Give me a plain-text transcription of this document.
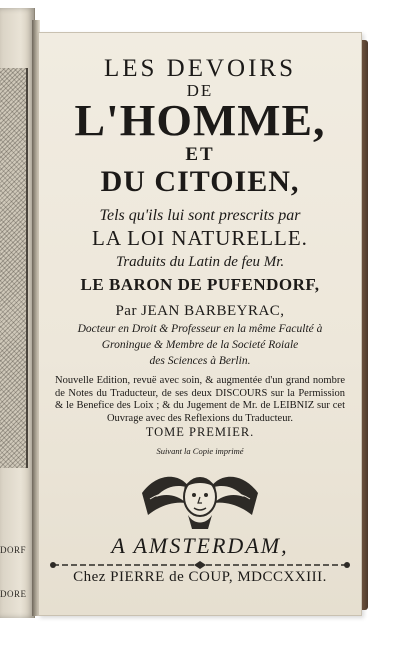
DORF
DORE
LES DEVOIRS
DE
L'HOMME,
ET
DU CITOIEN,
Tels qu'ils lui sont prescrits par
LA LOI NATURELLE.
Traduits du Latin de feu Mr.
LE BARON DE PUFENDORF,
Par JEAN BARBEYRAC,
Docteur en Droit & Professeur en la même Faculté à
Groningue & Membre de la Societé Roiale
des Sciences à Berlin.
Nouvelle Edition, revuë avec soin, & augmentée d'un grand nombre de Notes du Traducteur, de ses deux DISCOURS sur la Permission & le Benefice des Loix ; & du Jugement de Mr. de LEIBNIZ sur cet Ouvrage avec des Reflexions du Traducteur.
TOME PREMIER.
Suivant la Copie imprimé
A AMSTERDAM,
Chez PIERRE de COUP, MDCCXXIII.
